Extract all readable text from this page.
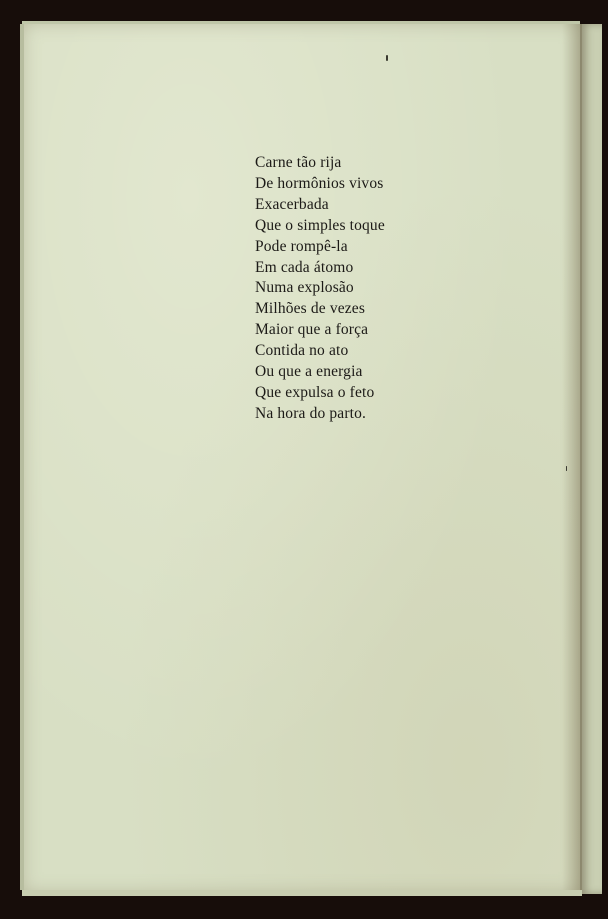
Carne tão rija
De hormônios vivos
Exacerbada
Que o simples toque
Pode rompê-la
Em cada átomo
Numa explosão
Milhões de vezes
Maior que a força
Contida no ato
Ou que a energia
Que expulsa o feto
Na hora do parto.
